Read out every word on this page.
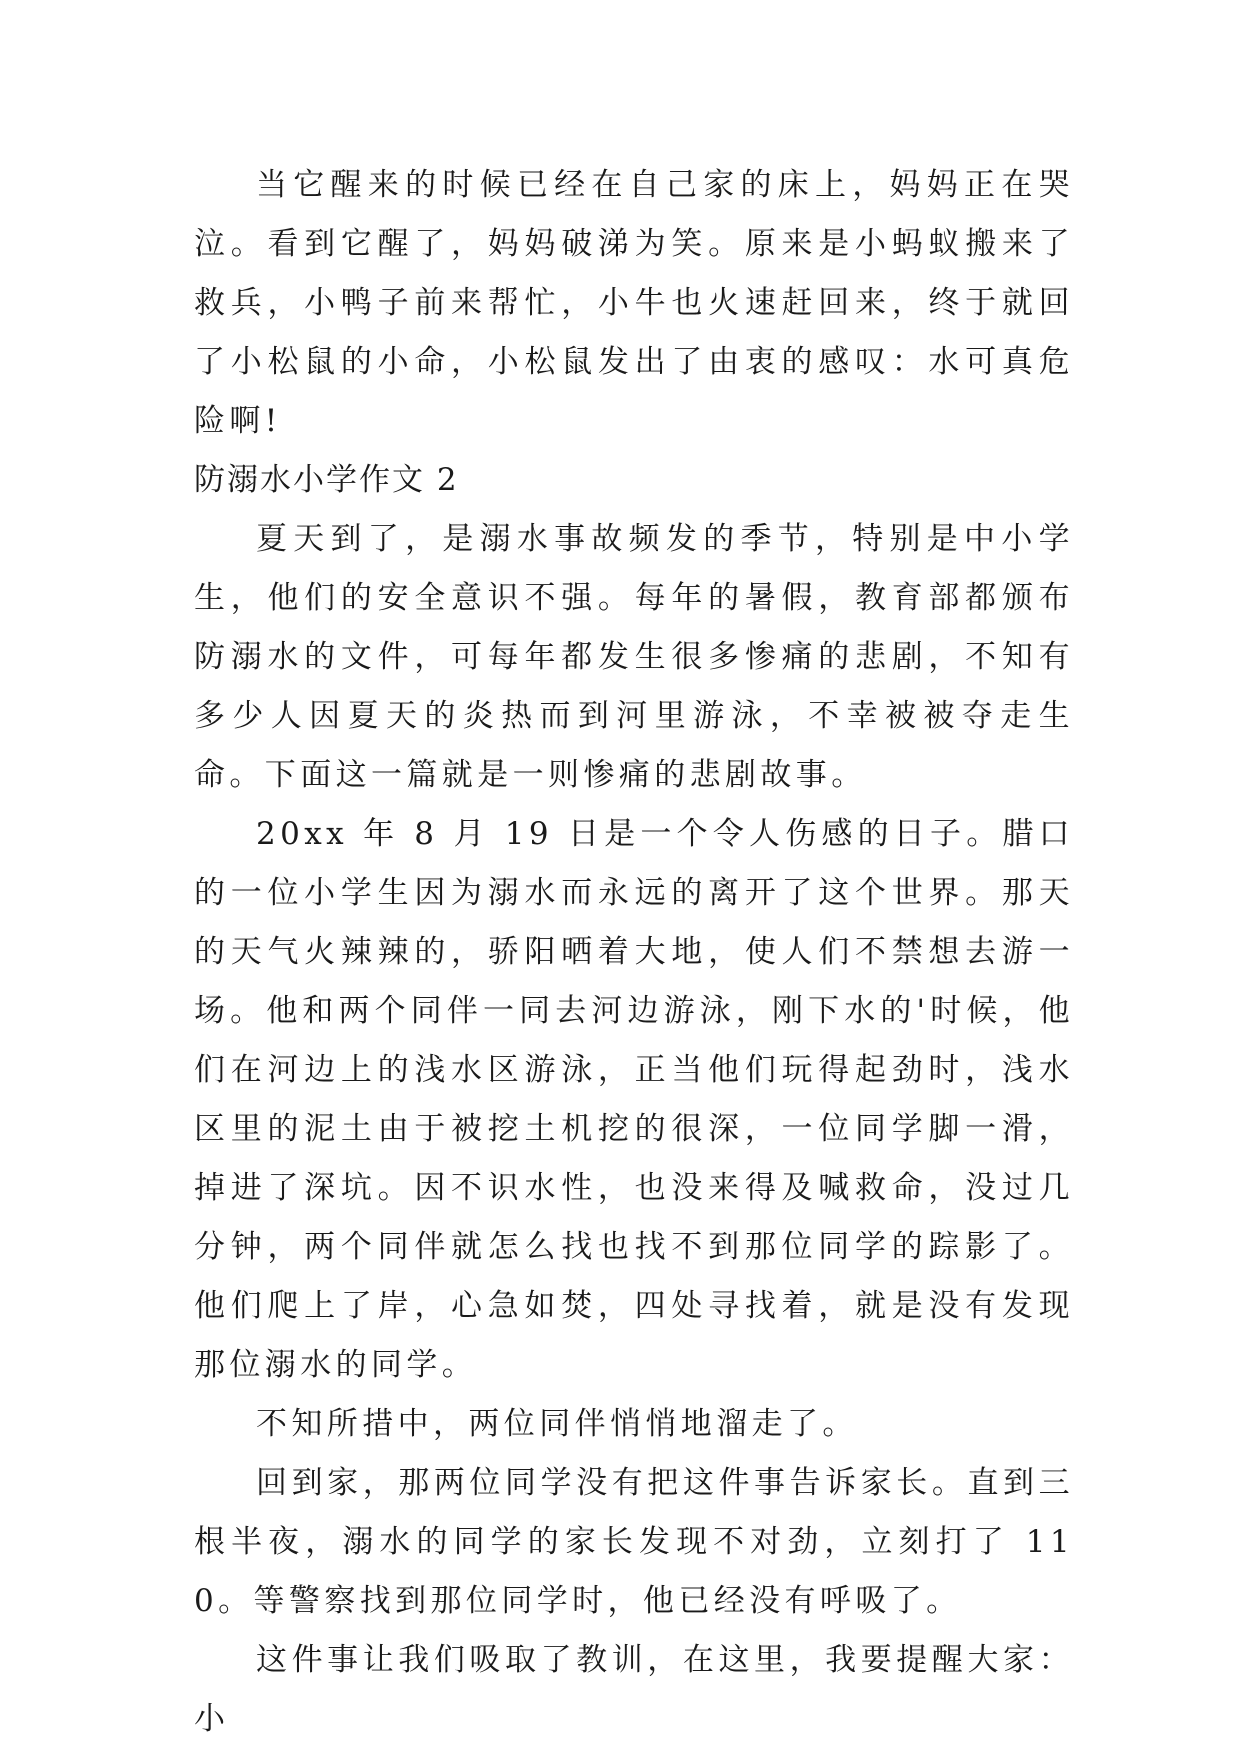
当它醒来的时候已经在自己家的床上，妈妈正在哭泣。看到它醒了，妈妈破涕为笑。原来是小蚂蚁搬来了救兵，小鸭子前来帮忙，小牛也火速赶回来，终于就回了小松鼠的小命，小松鼠发出了由衷的感叹：水可真危险啊!

防溺水小学作文 2

夏天到了，是溺水事故频发的季节，特别是中小学生，他们的安全意识不强。每年的暑假，教育部都颁布防溺水的文件，可每年都发生很多惨痛的悲剧，不知有多少人因夏天的炎热而到河里游泳，不幸被被夺走生命。下面这一篇就是一则惨痛的悲剧故事。

20xx 年 8 月 19 日是一个令人伤感的日子。腊口的一位小学生因为溺水而永远的离开了这个世界。那天的天气火辣辣的，骄阳晒着大地，使人们不禁想去游一场。他和两个同伴一同去河边游泳，刚下水的'时候，他们在河边上的浅水区游泳，正当他们玩得起劲时，浅水区里的泥土由于被挖土机挖的很深，一位同学脚一滑，掉进了深坑。因不识水性，也没来得及喊救命，没过几分钟，两个同伴就怎么找也找不到那位同学的踪影了。他们爬上了岸，心急如焚，四处寻找着，就是没有发现那位溺水的同学。

不知所措中，两位同伴悄悄地溜走了。

回到家，那两位同学没有把这件事告诉家长。直到三根半夜，溺水的同学的家长发现不对劲，立刻打了 110。等警察找到那位同学时，他已经没有呼吸了。

这件事让我们吸取了教训，在这里，我要提醒大家：小
